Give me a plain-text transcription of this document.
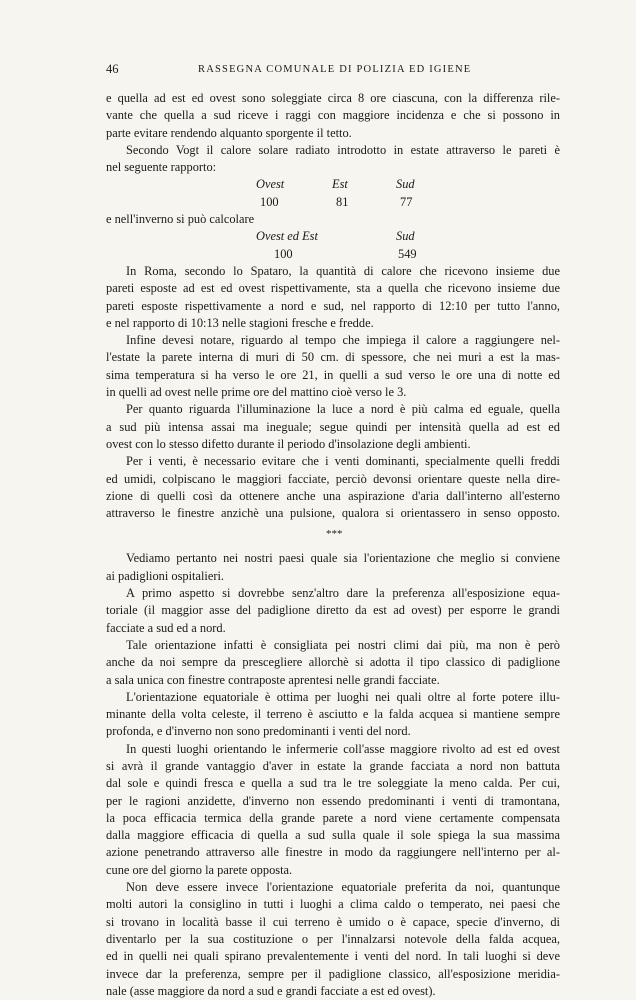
46	RASSEGNA COMUNALE DI POLIZIA ED IGIENE
e quella ad est ed ovest sono soleggiate circa 8 ore ciascuna, con la differenza rile-
vante che quella a sud riceve i raggi con maggiore incidenza e che si possono in
parte evitare rendendo alquanto sporgente il tetto.
Secondo Vogt il calore solare radiato introdotto in estate attraverso le pareti è
nel seguente rapporto:
Ovest	Est	Sud
100	81	77
e nell'inverno si può calcolare
Ovest ed Est	Sud
100	549
In Roma, secondo lo Spataro, la quantità di calore che ricevono insieme due
pareti esposte ad est ed ovest rispettivamente, sta a quella che ricevono insieme due
pareti esposte rispettivamente a nord e sud, nel rapporto di 12:10 per tutto l'anno,
e nel rapporto di 10:13 nelle stagioni fresche e fredde.
Infine devesi notare, riguardo al tempo che impiega il calore a raggiungere nel-
l'estate la parete interna di muri di 50 cm. di spessore, che nei muri a est la mas-
sima temperatura si ha verso le ore 21, in quelli a sud verso le ore una di notte ed
in quelli ad ovest nelle prime ore del mattino cioè verso le 3.
Per quanto riguarda l'illuminazione la luce a nord è più calma ed eguale, quella
a sud più intensa assai ma ineguale; segue quindi per intensità quella ad est ed
ovest con lo stesso difetto durante il periodo d'insolazione degli ambienti.
Per i venti, è necessario evitare che i venti dominanti, specialmente quelli freddi
ed umidi, colpiscano le maggiori facciate, perciò devonsi orientare queste nella dire-
zione di quelli così da ottenere anche una aspirazione d'aria dall'interno all'esterno
attraverso le finestre anzichè una pulsione, qualora si orientassero in senso opposto.
***
Vediamo pertanto nei nostri paesi quale sia l'orientazione che meglio si conviene
ai padiglioni ospitalieri.
A primo aspetto si dovrebbe senz'altro dare la preferenza all'esposizione equa-
toriale (il maggior asse del padiglione diretto da est ad ovest) per esporre le grandi
facciate a sud ed a nord.
Tale orientazione infatti è consigliata pei nostri climi dai più, ma non è però
anche da noi sempre da prescegliere allorchè si adotta il tipo classico di padiglione
a sala unica con finestre contraposte aprentesi nelle grandi facciate.
L'orientazione equatoriale è ottima per luoghi nei quali oltre al forte potere illu-
minante della volta celeste, il terreno è asciutto e la falda acquea si mantiene sempre
profonda, e d'inverno non sono predominanti i venti del nord.
In questi luoghi orientando le infermerie coll'asse maggiore rivolto ad est ed ovest
si avrà il grande vantaggio d'aver in estate la grande facciata a nord non battuta
dal sole e quindi fresca e quella a sud tra le tre soleggiate la meno calda. Per cui,
per le ragioni anzidette, d'inverno non essendo predominanti i venti di tramontana,
la poca efficacia termica della grande parete a nord viene certamente compensata
dalla maggiore efficacia di quella a sud sulla quale il sole spiega la sua massima
azione penetrando attraverso alle finestre in modo da raggiungere nell'interno per al-
cune ore del giorno la parete opposta.
Non deve essere invece l'orientazione equatoriale preferita da noi, quantunque
molti autori la consiglino in tutti i luoghi a clima caldo o temperato, nei paesi che
si trovano in località basse il cui terreno è umido o è capace, specie d'inverno, di
diventarlo per la sua costituzione o per l'innalzarsi notevole della falda acquea,
ed in quelli nei quali spirano prevalentemente i venti del nord. In tali luoghi si deve
invece dar la preferenza, sempre per il padiglione classico, all'esposizione meridia-
nale (asse maggiore da nord a sud e grandi facciate a est ed ovest).
